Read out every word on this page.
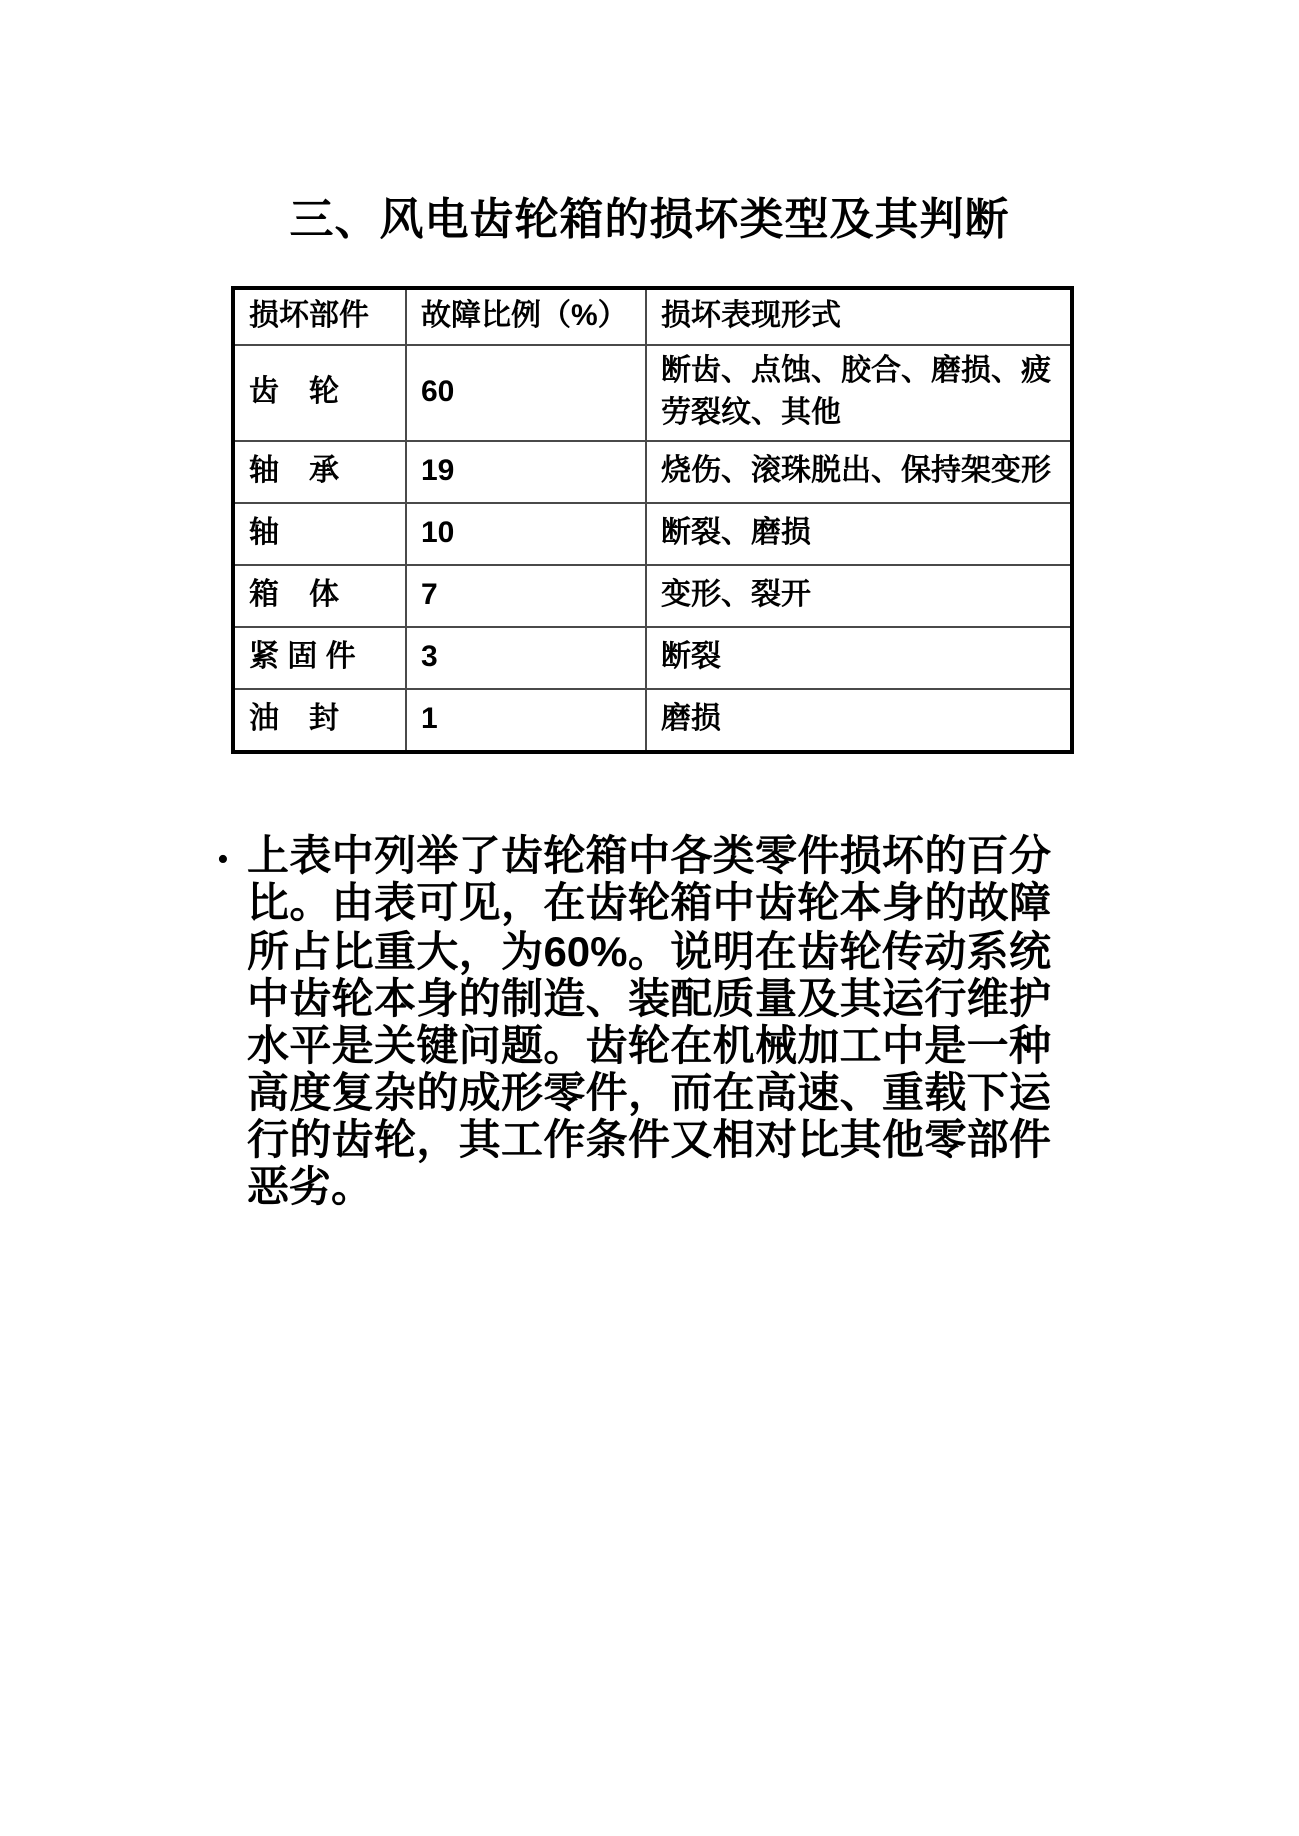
三、风电齿轮箱的损坏类型及其判断
损坏部件	故障比例（%）	损坏表现形式
齿　轮	60	断齿、点蚀、胶合、磨损、疲劳裂纹、其他
轴　承	19	烧伤、滚珠脱出、保持架变形
轴	10	断裂、磨损
箱　体	7	变形、裂开
紧 固 件	3	断裂
油　封	1	磨损
• 上表中列举了齿轮箱中各类零件损坏的百分比。由表可见，在齿轮箱中齿轮本身的故障所占比重大，为60%。说明在齿轮传动系统中齿轮本身的制造、装配质量及其运行维护水平是关键问题。齿轮在机械加工中是一种高度复杂的成形零件，而在高速、重载下运行的齿轮，其工作条件又相对比其他零部件恶劣。
